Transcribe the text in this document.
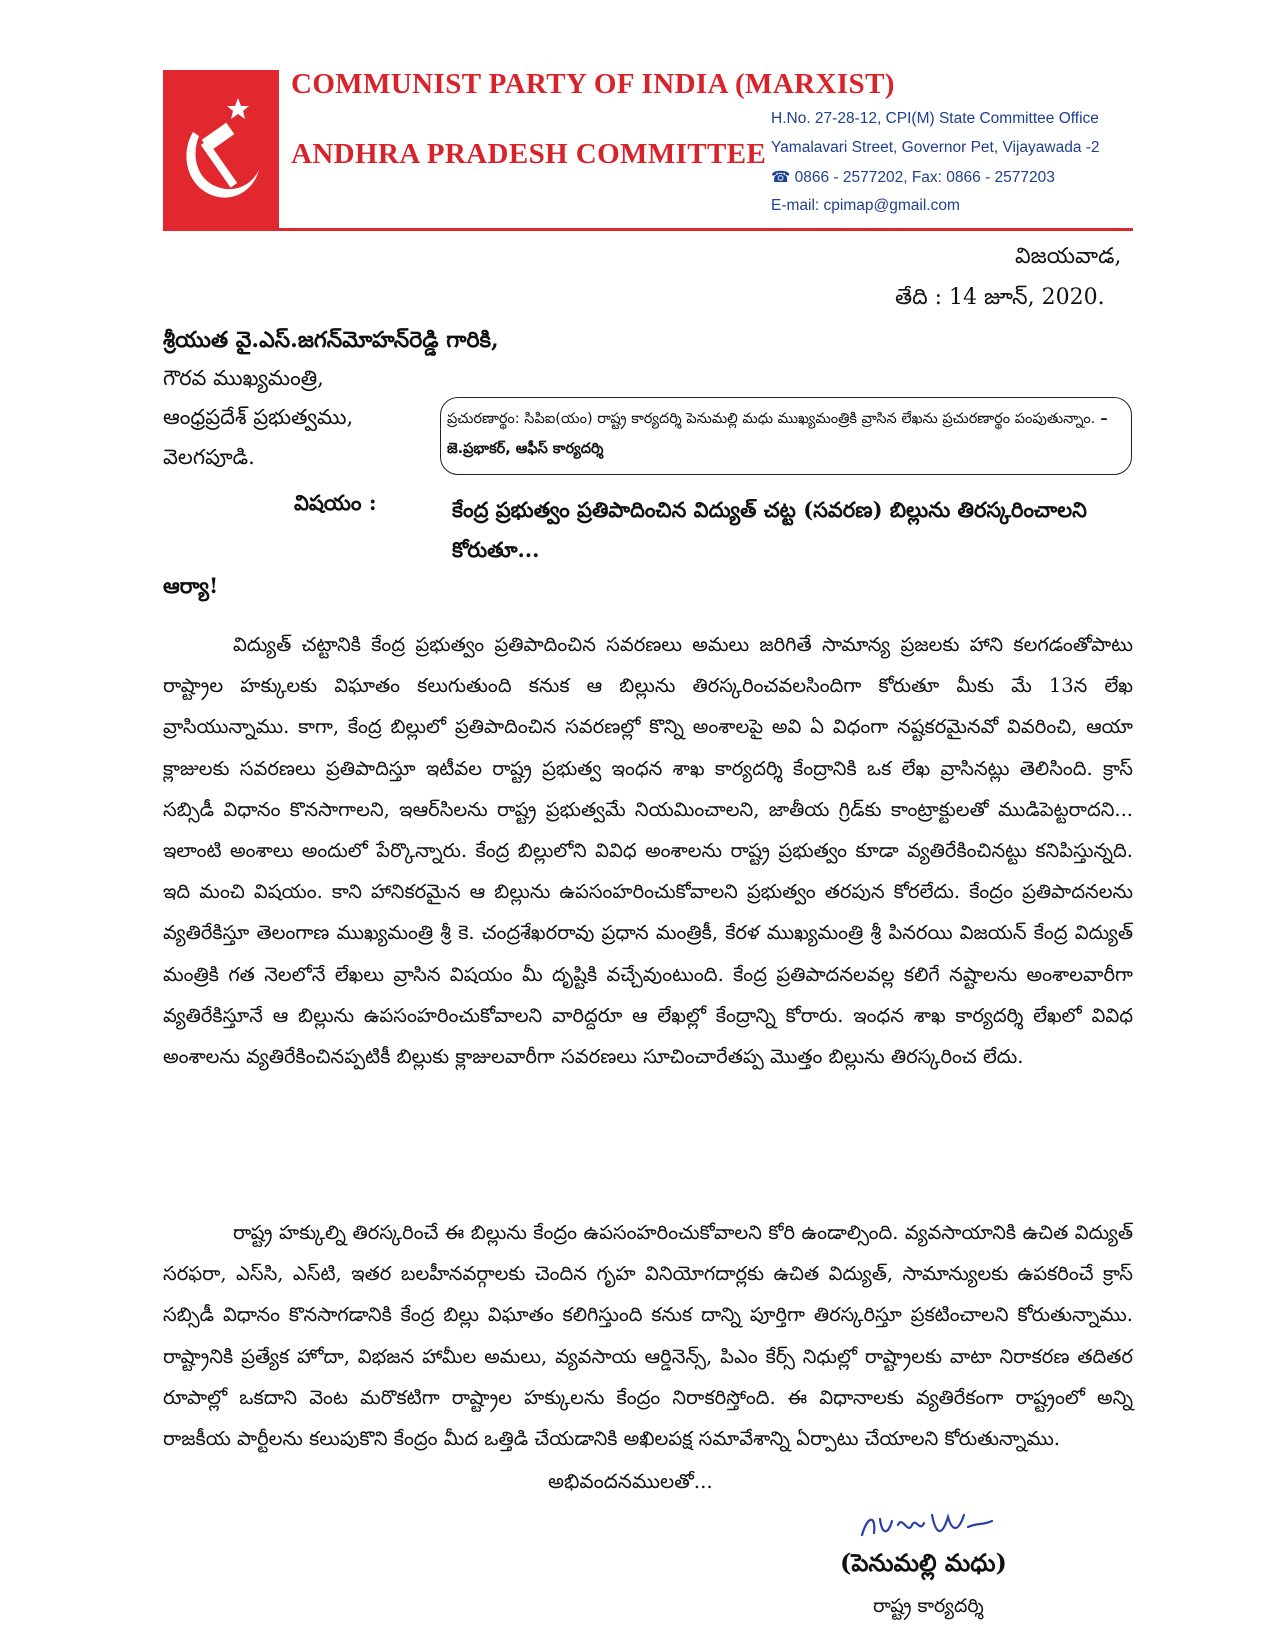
COMMUNIST PARTY OF INDIA (MARXIST)
ANDHRA PRADESH COMMITTEE
H.No. 27-28-12, CPI(M) State Committee Office
Yamalavari Street, Governor Pet, Vijayawada -2
☎ 0866 - 2577202, Fax: 0866 - 2577203
E-mail: cpimap@gmail.com
విజయవాడ,
తేది : 14 జూన్, 2020.
శ్రీయుత వై.ఎస్.జగన్‌మోహన్‌రెడ్డి గారికి,
గౌరవ ముఖ్యమంత్రి,
ఆంధ్రప్రదేశ్ ప్రభుత్వము,
వెలగపూడి.
ప్రచురణార్థం: సిపిఐ(యం) రాష్ట్ర కార్యదర్శి పెనుమల్లి మధు ముఖ్యమంత్రికి వ్రాసిన లేఖను ప్రచురణార్థం పంపుతున్నాం. – జె.ప్రభాకర్, ఆఫీస్ కార్యదర్శి
విషయం :	కేంద్ర ప్రభుత్వం ప్రతిపాదించిన విద్యుత్ చట్ట (సవరణ) బిల్లును తిరస్కరించాలని కోరుతూ...
ఆర్యా!
విద్యుత్ చట్టానికి కేంద్ర ప్రభుత్వం ప్రతిపాదించిన సవరణలు అమలు జరిగితే సామాన్య ప్రజలకు హాని కలగడంతోపాటు రాష్ట్రాల హక్కులకు విఘాతం కలుగుతుంది కనుక ఆ బిల్లును తిరస్కరించవలసిందిగా కోరుతూ మీకు మే 13న లేఖ వ్రాసియున్నాము. కాగా, కేంద్ర బిల్లులో ప్రతిపాదించిన సవరణల్లో కొన్ని అంశాలపై అవి ఏ విధంగా నష్టకరమైనవో వివరించి, ఆయా క్లాజులకు సవరణలు ప్రతిపాదిస్తూ ఇటీవల రాష్ట్ర ప్రభుత్వ ఇంధన శాఖ కార్యదర్శి కేంద్రానికి ఒక లేఖ వ్రాసినట్లు తెలిసింది. క్రాస్ సబ్సిడీ విధానం కొనసాగాలని, ఇఆర్‌సిలను రాష్ట్ర ప్రభుత్వమే నియమించాలని, జాతీయ గ్రిడ్‌కు కాంట్రాక్టులతో ముడిపెట్టరాదని... ఇలాంటి అంశాలు అందులో పేర్కొన్నారు. కేంద్ర బిల్లులోని వివిధ అంశాలను రాష్ట్ర ప్రభుత్వం కూడా వ్యతిరేకించినట్టు కనిపిస్తున్నది. ఇది మంచి విషయం. కాని హానికరమైన ఆ బిల్లును ఉపసంహరించుకోవాలని ప్రభుత్వం తరపున కోరలేదు. కేంద్రం ప్రతిపాదనలను వ్యతిరేకిస్తూ తెలంగాణ ముఖ్యమంత్రి శ్రీ కె. చంద్రశేఖరరావు ప్రధాన మంత్రికీ, కేరళ ముఖ్యమంత్రి శ్రీ పినరయి విజయన్ కేంద్ర విద్యుత్ మంత్రికి గత నెలలోనే లేఖలు వ్రాసిన విషయం మీ దృష్టికి వచ్చేవుంటుంది. కేంద్ర ప్రతిపాదనలవల్ల కలిగే నష్టాలను అంశాలవారీగా వ్యతిరేకిస్తూనే ఆ బిల్లును ఉపసంహరించుకోవాలని వారిద్దరూ ఆ లేఖల్లో కేంద్రాన్ని కోరారు. ఇంధన శాఖ కార్యదర్శి లేఖలో వివిధ అంశాలను వ్యతిరేకించినప్పటికీ బిల్లుకు క్లాజులవారీగా సవరణలు సూచించారేతప్ప మొత్తం బిల్లును తిరస్కరించ లేదు.
రాష్ట్ర హక్కుల్ని తిరస్కరించే ఈ బిల్లును కేంద్రం ఉపసంహరించుకోవాలని కోరి ఉండాల్సింది. వ్యవసాయానికి ఉచిత విద్యుత్ సరఫరా, ఎస్‌సి, ఎస్‌టి, ఇతర బలహీనవర్గాలకు చెందిన గృహ వినియోగదార్లకు ఉచిత విద్యుత్, సామాన్యులకు ఉపకరించే క్రాస్ సబ్సిడీ విధానం కొనసాగడానికి కేంద్ర బిల్లు విఘాతం కలిగిస్తుంది కనుక దాన్ని పూర్తిగా తిరస్కరిస్తూ ప్రకటించాలని కోరుతున్నాము. రాష్ట్రానికి ప్రత్యేక హోదా, విభజన హామీల అమలు, వ్యవసాయ ఆర్డినెన్స్, పిఎం కేర్స్ నిధుల్లో రాష్ట్రాలకు వాటా నిరాకరణ తదితర రూపాల్లో ఒకదాని వెంట మరొకటిగా రాష్ట్రాల హక్కులను కేంద్రం నిరాకరిస్తోంది. ఈ విధానాలకు వ్యతిరేకంగా రాష్ట్రంలో అన్ని రాజకీయ పార్టీలను కలుపుకొని కేంద్రం మీద ఒత్తిడి చేయడానికి అఖిలపక్ష సమావేశాన్ని ఏర్పాటు చేయాలని కోరుతున్నాము.
అభివందనములతో...
(పెనుమల్లి మధు)
రాష్ట్ర కార్యదర్శి
